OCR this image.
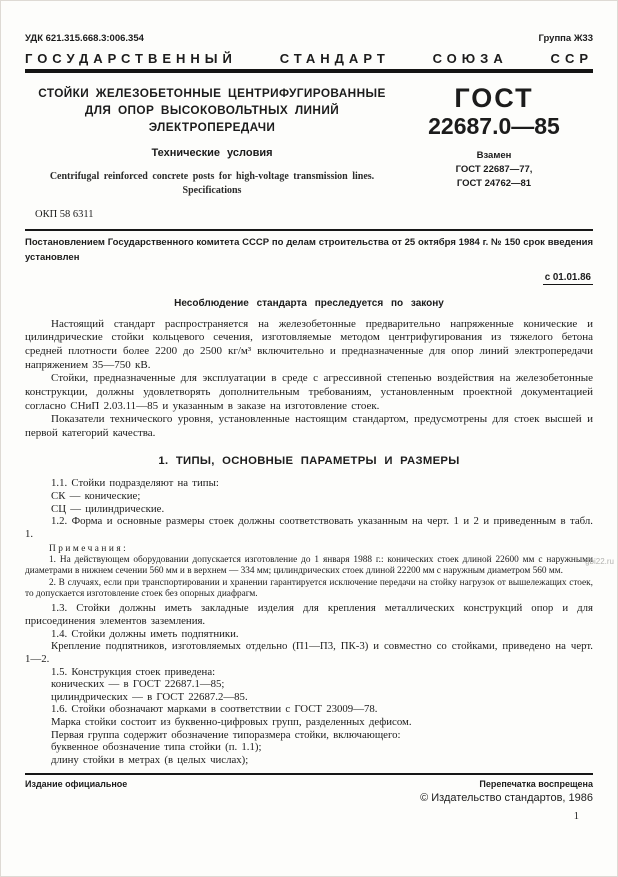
УДК 621.315.668.3:006.354	Группа Ж33
ГОСУДАРСТВЕННЫЙ СТАНДАРТ СОЮЗА ССР
СТОЙКИ ЖЕЛЕЗОБЕТОННЫЕ ЦЕНТРИФУГИРОВАННЫЕ
ДЛЯ ОПОР ВЫСОКОВОЛЬТНЫХ ЛИНИЙ ЭЛЕКТРОПЕРЕДАЧИ
Технические условия
Centrifugal reinforced concrete posts for high-voltage transmission lines.
Specifications
ОКП 58 6311
ГОСТ
22687.0—85
Взамен
ГОСТ 22687—77,
ГОСТ 24762—81

Постановлением Государственного комитета СССР по делам строительства от 25 октября 1984 г. № 150 срок введения установлен

с 01.01.86
Несоблюдение стандарта преследуется по закону

Настоящий стандарт распространяется на железобетонные предварительно напряженные конические и цилиндрические стойки кольцевого сечения, изготовляемые методом центрифугирования из тяжелого бетона средней плотности более 2200 до 2500 кг/м³ включительно и предназначенные для опор линий электропередачи напряжением 35—750 кВ.

Стойки, предназначенные для эксплуатации в среде с агрессивной степенью воздействия на железобетонные конструкции, должны удовлетворять дополнительным требованиям, установленным проектной документацией согласно СНиП 2.03.11—85 и указанным в заказе на изготовление стоек.

Показатели технического уровня, установленные настоящим стандартом, предусмотрены для стоек высшей и первой категорий качества.

1. ТИПЫ, ОСНОВНЫЕ ПАРАМЕТРЫ И РАЗМЕРЫ

1.1. Стойки подразделяют на типы:

СК — конические;

СЦ — цилиндрические.

1.2. Форма и основные размеры стоек должны соответствовать указанным на черт. 1 и 2 и приведенным в табл. 1.

Примечания:

1. На действующем оборудовании допускается изготовление до 1 января 1988 г.: конических стоек длиной 22600 мм с наружными диаметрами в нижнем сечении 560 мм и в верхнем — 334 мм; цилиндрических стоек длиной 22200 мм с наружным диаметром 560 мм.

2. В случаях, если при транспортировании и хранении гарантируется исключение передачи на стойку нагрузок от вышележащих стоек, то допускается изготовление стоек без опорных диафрагм.

1.3. Стойки должны иметь закладные изделия для крепления металлических конструкций опор и для присоединения элементов заземления.

1.4. Стойки должны иметь подпятники.

Крепление подпятников, изготовляемых отдельно (П1—П3, ПК-3) и совместно со стойками, приведено на черт. 1—2.

1.5. Конструкция стоек приведена:

конических — в ГОСТ 22687.1—85;

цилиндрических — в ГОСТ 22687.2—85.

1.6. Стойки обозначают марками в соответствии с ГОСТ 23009—78.

Марка стойки состоит из буквенно-цифровых групп, разделенных дефисом.

Первая группа содержит обозначение типоразмера стойки, включающего:

буквенное обозначение типа стойки (п. 1.1);

длину стойки в метрах (в целых числах);

Издание официальное	Перепечатка воспрещена
© Издательство стандартов, 1986
1
gbi22.ru
